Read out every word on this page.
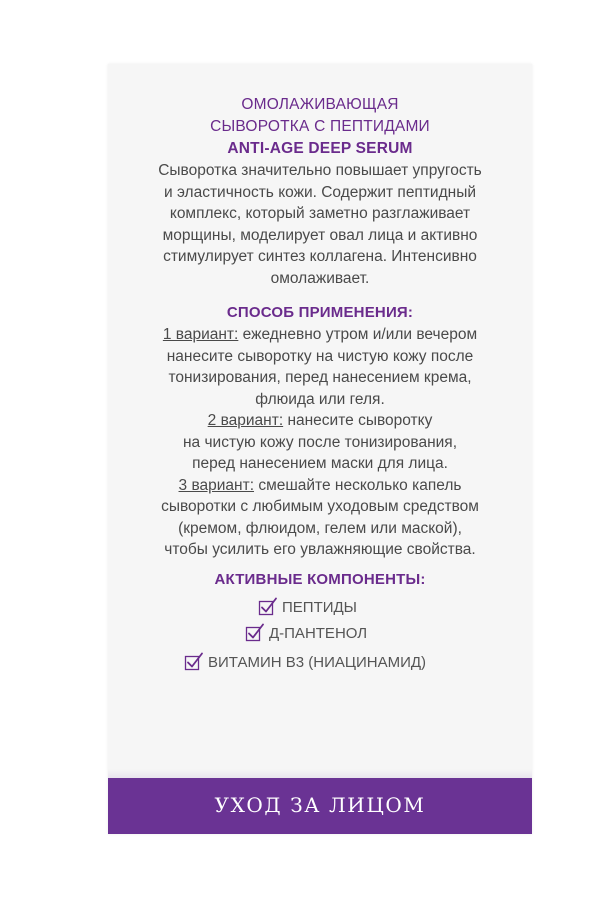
ОМОЛАЖИВАЮЩАЯ
СЫВОРОТКА С ПЕПТИДАМИ
ANTI-AGE DEEP SERUM
Сыворотка значительно повышает упругость
и эластичность кожи. Содержит пептидный
комплекс, который заметно разглаживает
морщины, моделирует овал лица и активно
стимулирует синтез коллагена. Интенсивно
омолаживает.
СПОСОБ ПРИМЕНЕНИЯ:
1 вариант: ежедневно утром и/или вечером
нанесите сыворотку на чистую кожу после
тонизирования, перед нанесением крема,
флюида или геля.
2 вариант: нанесите сыворотку
на чистую кожу после тонизирования,
перед нанесением маски для лица.
3 вариант: смешайте несколько капель
сыворотки с любимым уходовым средством
(кремом, флюидом, гелем или маской),
чтобы усилить его увлажняющие свойства.
АКТИВНЫЕ КОМПОНЕНТЫ:
ПЕПТИДЫ
Д-ПАНТЕНОЛ
ВИТАМИН В3 (НИАЦИНАМИД)
УХОД ЗА ЛИЦОМ
